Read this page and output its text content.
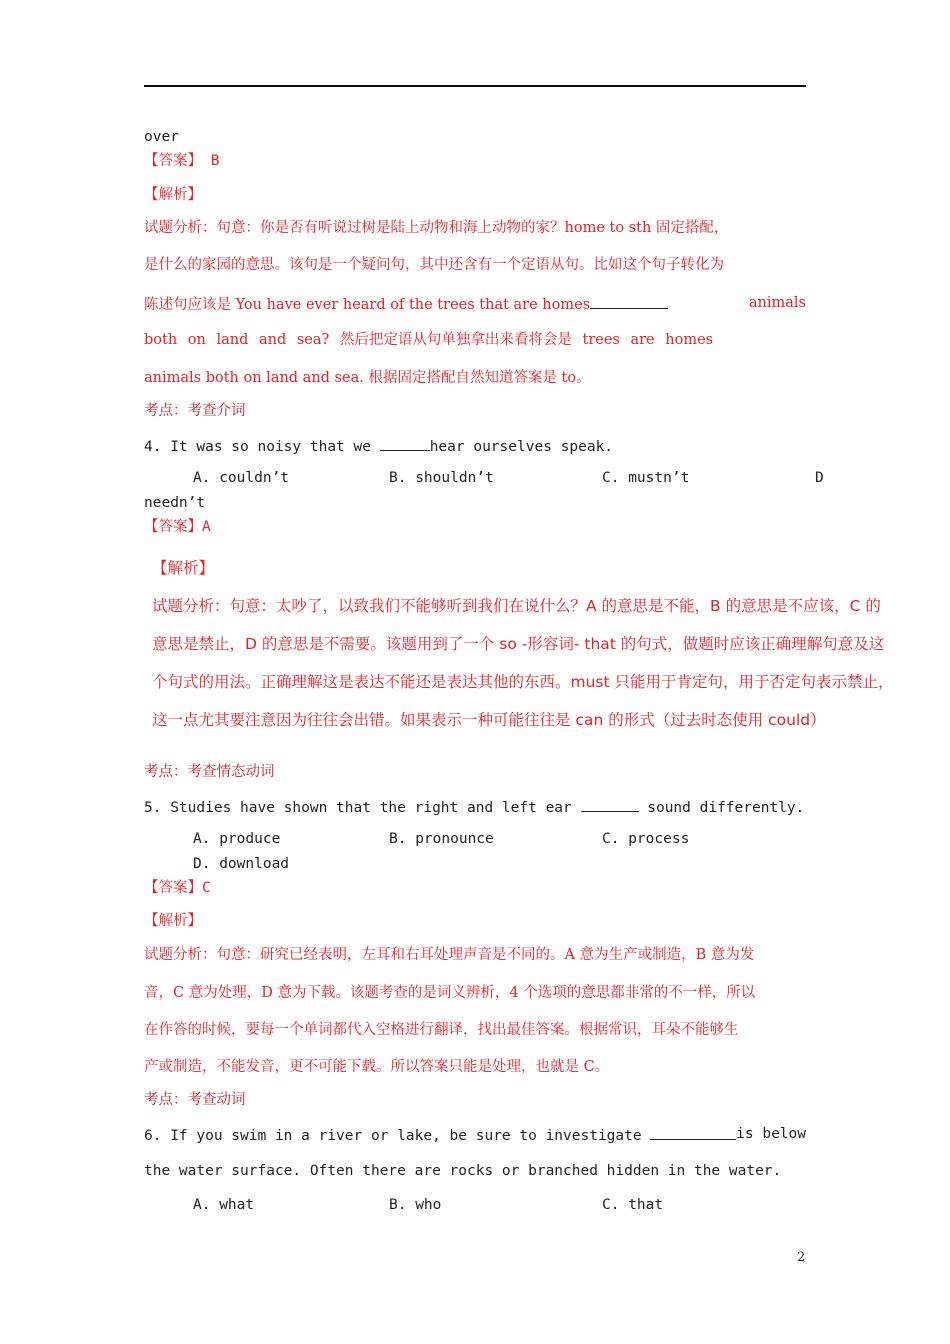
over
【答案】 B
【解析】
试题分析：句意：你是否有听说过树是陆上动物和海上动物的家？home to sth 固定搭配，
是什么的家园的意思。该句是一个疑问句，其中还含有一个定语从句。比如这个句子转化为
陈述句应该是 You have ever heard of the trees that are homes	animals
both on land and sea? 然后把定语从句单独拿出来看将会是 trees are homes
animals both on land and sea. 根据固定搭配自然知道答案是 to。
考点：考查介词
4. It was so noisy that we	hear ourselves speak.
A. couldn’t	B. shouldn’t	C. mustn’t	D
needn’t
【答案】A
【解析】
试题分析：句意：太吵了，以致我们不能够听到我们在说什么？A 的意思是不能，B 的意思是不应该，C 的
意思是禁止，D 的意思是不需要。该题用到了一个 so -形容词- that 的句式，做题时应该正确理解句意及这
个句式的用法。正确理解这是表达不能还是表达其他的东西。must 只能用于肯定句，用于否定句表示禁止，
这一点尤其要注意因为往往会出错。如果表示一种可能往往是 can 的形式（过去时态使用 could）
考点：考查情态动词
5. Studies have shown that the right and left ear	sound differently.
A. produce	B. pronounce	C. process
D. download
【答案】C
【解析】
试题分析：句意：研究已经表明，左耳和右耳处理声音是不同的。A 意为生产或制造，B 意为发
音，C 意为处理，D 意为下载。该题考查的是词义辨析，4 个选项的意思都非常的不一样，所以
在作答的时候，要每一个单词都代入空格进行翻译，找出最佳答案。根据常识，耳朵不能够生
产或制造，不能发音，更不可能下载。所以答案只能是处理，也就是 C。
考点：考查动词
6. If you swim in a river or lake, be sure to investigate	is below
the water surface. Often there are rocks or branched hidden in the water.
A. what	B. who	C. that
2
